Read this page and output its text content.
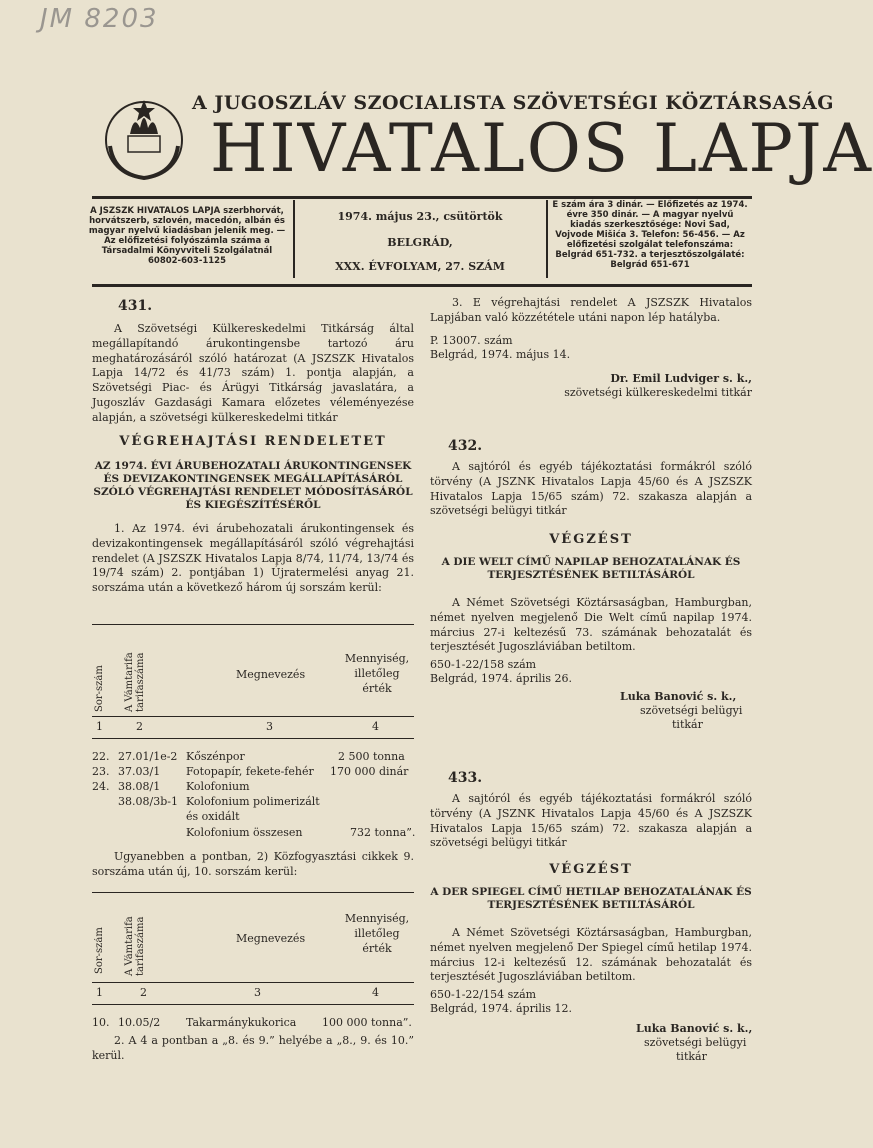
JM 8203
A JUGOSZLÁV SZOCIALISTA SZÖVETSÉGI KÖZTÁRSASÁG
HIVATALOS LAPJA
A JSZSZK HIVATALOS LAPJA szerbhorvát, horvátszerb, szlovén, macedón, albán és magyar nyelvű kiadásban jelenik meg. — Az előfizetési folyószámla száma a Társadalmi Könyvviteli Szolgálatnál 60802-603-1125
1974. május 23., csütörtök
BELGRÁD,
XXX. ÉVFOLYAM, 27. SZÁM
E szám ára 3 dinár. — Előfizetés az 1974. évre 350 dinár. — A magyar nyelvű kiadás szerkesztősége: Novi Sad, Vojvode Mišića 3. Telefon: 56-456. — Az előfizetési szolgálat telefonszáma: Belgrád 651-732. a terjesztőszolgálaté: Belgrád 651-671
431.
A Szövetségi Külkereskedelmi Titkárság által megállapítandó árukontingensbe tartozó áru meghatározásáról szóló határozat (A JSZSZK Hivatalos Lapja 14/72 és 41/73 szám) 1. pontja alapján, a Szövetségi Piac- és Árügyi Titkárság javaslatára, a Jugoszláv Gazdasági Kamara előzetes véleményezése alapján, a szövetségi külkereskedelmi titkár
VÉGREHAJTÁSI RENDELETET
AZ 1974. ÉVI ÁRUBEHOZATALI ÁRUKONTINGENSEK ÉS DEVIZAKONTINGENSEK MEGÁLLAPÍTÁSÁRÓL SZÓLÓ VÉGREHAJTÁSI RENDELET MÓDOSÍTÁSÁRÓL ÉS KIEGÉSZÍTÉSÉRŐL
1. Az 1974. évi árubehozatali árukontingensek és devizakontingensek megállapításáról szóló végrehajtási rendelet (A JSZSZK Hivatalos Lapja 8/74, 11/74, 13/74 és 19/74 szám) 2. pontjában 1) Újratermelési anyag 21. sorszáma után a következő három új sorszám kerül:
Sor-szám A Vámtarifa tarifaszáma	Megnevezés
Mennyiség, illetőleg érték
1	2	3	4
22. 27.01/1e-2 Kőszénpor	2 500 tonna
23. 37.03/1 Fotopapír, fekete-fehér 170 000 dinár
24. 38.08/1 Kolofonium
38.08/3b-1 Kolofonium polimerizált
és oxidált
Kolofonium összesen	732 tonna”.
Ugyanebben a pontban, 2) Közfogyasztási cikkek 9. sorszáma után új, 10. sorszám kerül:
Sor-szám A Vámtarifa tarifaszáma	Megnevezés
Mennyiség, illetőleg érték
1	2	3	4
10. 10.05/2 Takarmánykukorica 100 000 tonna”.
2. A 4 a pontban a „8. és 9.” helyébe a „8., 9. és 10.” kerül.
3. E végrehajtási rendelet A JSZSZK Hivatalos Lapjában való közzététele utáni napon lép hatályba.
P. 13007. szám
Belgrád, 1974. május 14.
Dr. Emil Ludviger s. k.,
szövetségi külkereskedelmi titkár
432.
A sajtóról és egyéb tájékoztatási formákról szóló törvény (A JSZNK Hivatalos Lapja 45/60 és A JSZSZK Hivatalos Lapja 15/65 szám) 72. szakasza alapján a szövetségi belügyi titkár
VÉGZÉST
A DIE WELT CÍMŰ NAPILAP BEHOZATALÁNAK ÉS TERJESZTÉSÉNEK BETILTÁSÁRÓL
A Német Szövetségi Köztársaságban, Hamburgban, német nyelven megjelenő Die Welt című napilap 1974. március 27-i keltezésű 73. számának behozatalát és terjesztését Jugoszláviában betiltom.
650-1-22/158 szám
Belgrád, 1974. április 26.
Luka Banović s. k.,
szövetségi belügyi
titkár
433.
A sajtóról és egyéb tájékoztatási formákról szóló törvény (A JSZNK Hivatalos Lapja 45/60 és A JSZSZK Hivatalos Lapja 15/65 szám) 72. szakasza alapján a szövetségi belügyi titkár
VÉGZÉST
A DER SPIEGEL CÍMŰ HETILAP BEHOZATALÁNAK ÉS TERJESZTÉSÉNEK BETILTÁSÁRÓL
A Német Szövetségi Köztársaságban, Hamburgban, német nyelven megjelenő Der Spiegel című hetilap 1974. március 12-i keltezésű 12. számának behozatalát és terjesztését Jugoszláviában betiltom.
650-1-22/154 szám
Belgrád, 1974. április 12.
Luka Banović s. k.,
szövetségi belügyi
titkár
